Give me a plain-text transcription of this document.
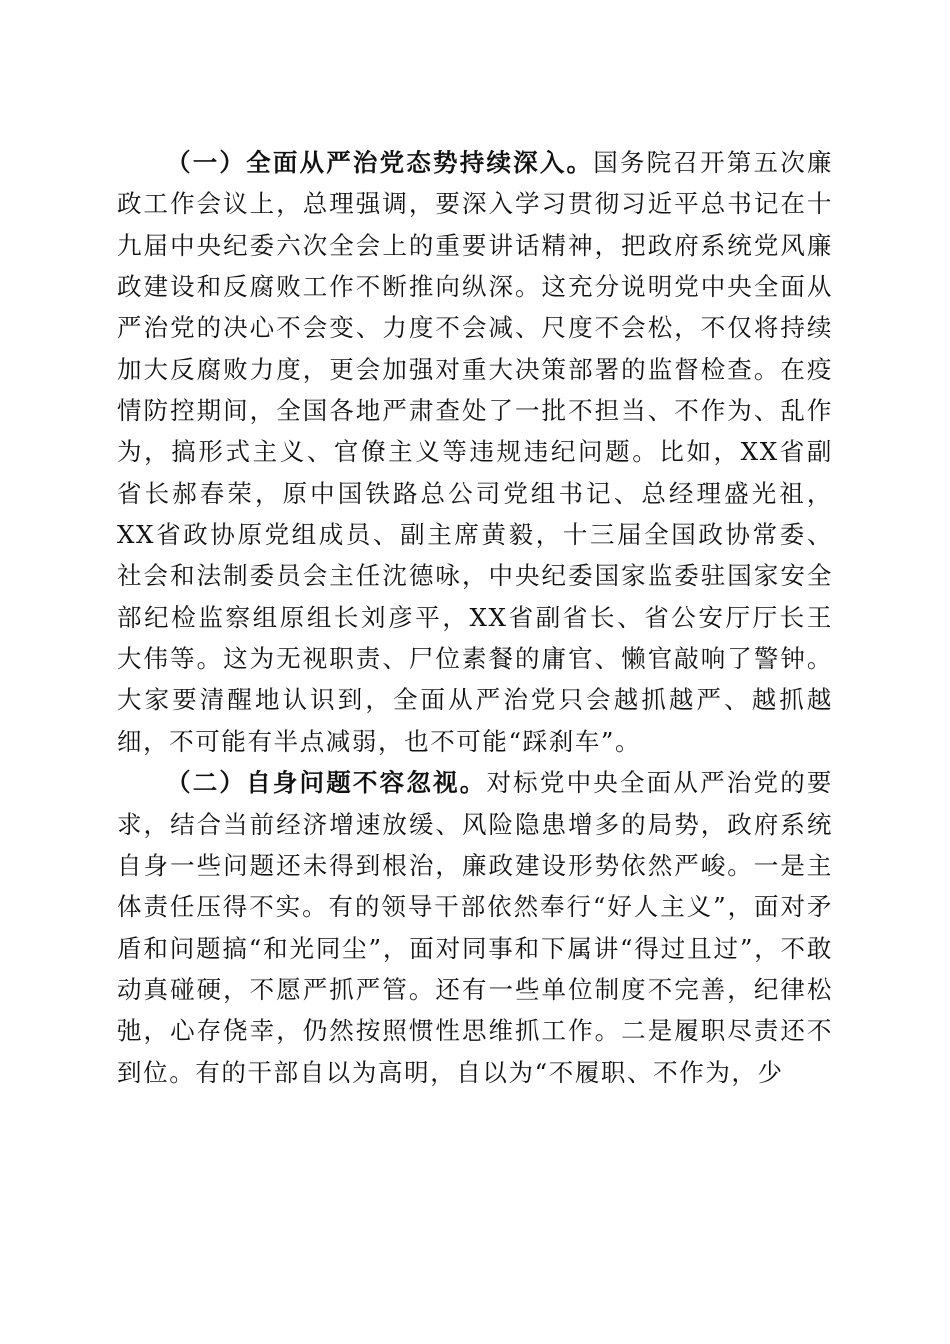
（一）全面从严治党态势持续深入。国务院召开第五次廉政工作会议上，总理强调，要深入学习贯彻习近平总书记在十九届中央纪委六次全会上的重要讲话精神，把政府系统党风廉政建设和反腐败工作不断推向纵深。这充分说明党中央全面从严治党的决心不会变、力度不会减、尺度不会松，不仅将持续加大反腐败力度，更会加强对重大决策部署的监督检查。在疫情防控期间，全国各地严肃查处了一批不担当、不作为、乱作为，搞形式主义、官僚主义等违规违纪问题。比如，XX省副省长郝春荣，原中国铁路总公司党组书记、总经理盛光祖，XX省政协原党组成员、副主席黄毅，十三届全国政协常委、社会和法制委员会主任沈德咏，中央纪委国家监委驻国家安全部纪检监察组原组长刘彦平，XX省副省长、省公安厅厅长王大伟等。这为无视职责、尸位素餐的庸官、懒官敲响了警钟。大家要清醒地认识到，全面从严治党只会越抓越严、越抓越细，不可能有半点减弱，也不可能“踩刹车”。

（二）自身问题不容忽视。对标党中央全面从严治党的要求，结合当前经济增速放缓、风险隐患增多的局势，政府系统自身一些问题还未得到根治，廉政建设形势依然严峻。一是主体责任压得不实。有的领导干部依然奉行“好人主义”，面对矛盾和问题搞“和光同尘”，面对同事和下属讲“得过且过”，不敢动真碰硬，不愿严抓严管。还有一些单位制度不完善，纪律松弛，心存侥幸，仍然按照惯性思维抓工作。二是履职尽责还不到位。有的干部自以为高明，自以为“不履职、不作为，少
